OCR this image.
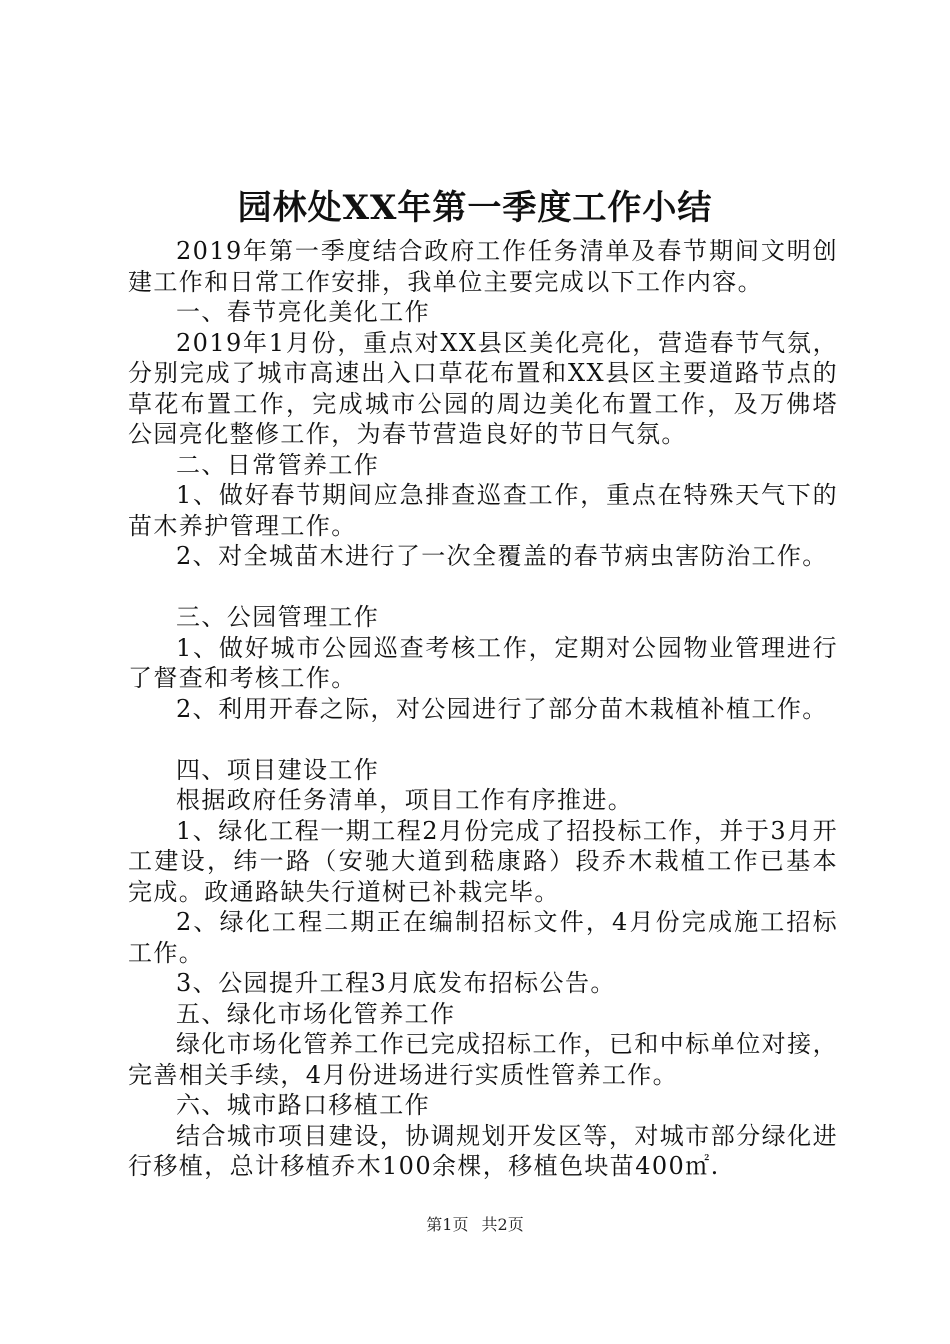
园林处XX年第一季度工作小结

2019年第一季度结合政府工作任务清单及春节期间文明创建工作和日常工作安排，我单位主要完成以下工作内容。

一、春节亮化美化工作

2019年1月份，重点对XX县区美化亮化，营造春节气氛，分别完成了城市高速出入口草花布置和XX县区主要道路节点的草花布置工作，完成城市公园的周边美化布置工作，及万佛塔公园亮化整修工作，为春节营造良好的节日气氛。

二、日常管养工作

1、做好春节期间应急排查巡查工作，重点在特殊天气下的苗木养护管理工作。

2、对全城苗木进行了一次全覆盖的春节病虫害防治工作。

三、公园管理工作

1、做好城市公园巡查考核工作，定期对公园物业管理进行了督查和考核工作。

2、利用开春之际，对公园进行了部分苗木栽植补植工作。

四、项目建设工作

根据政府任务清单，项目工作有序推进。

1、绿化工程一期工程2月份完成了招投标工作，并于3月开工建设，纬一路（安驰大道到嵇康路）段乔木栽植工作已基本完成。政通路缺失行道树已补栽完毕。

2、绿化工程二期正在编制招标文件，4月份完成施工招标工作。

3、公园提升工程3月底发布招标公告。

五、绿化市场化管养工作

绿化市场化管养工作已完成招标工作，已和中标单位对接，完善相关手续，4月份进场进行实质性管养工作。

六、城市路口移植工作

结合城市项目建设，协调规划开发区等，对城市部分绿化进行移植，总计移植乔木100余棵，移植色块苗400㎡.

第1页 共2页
